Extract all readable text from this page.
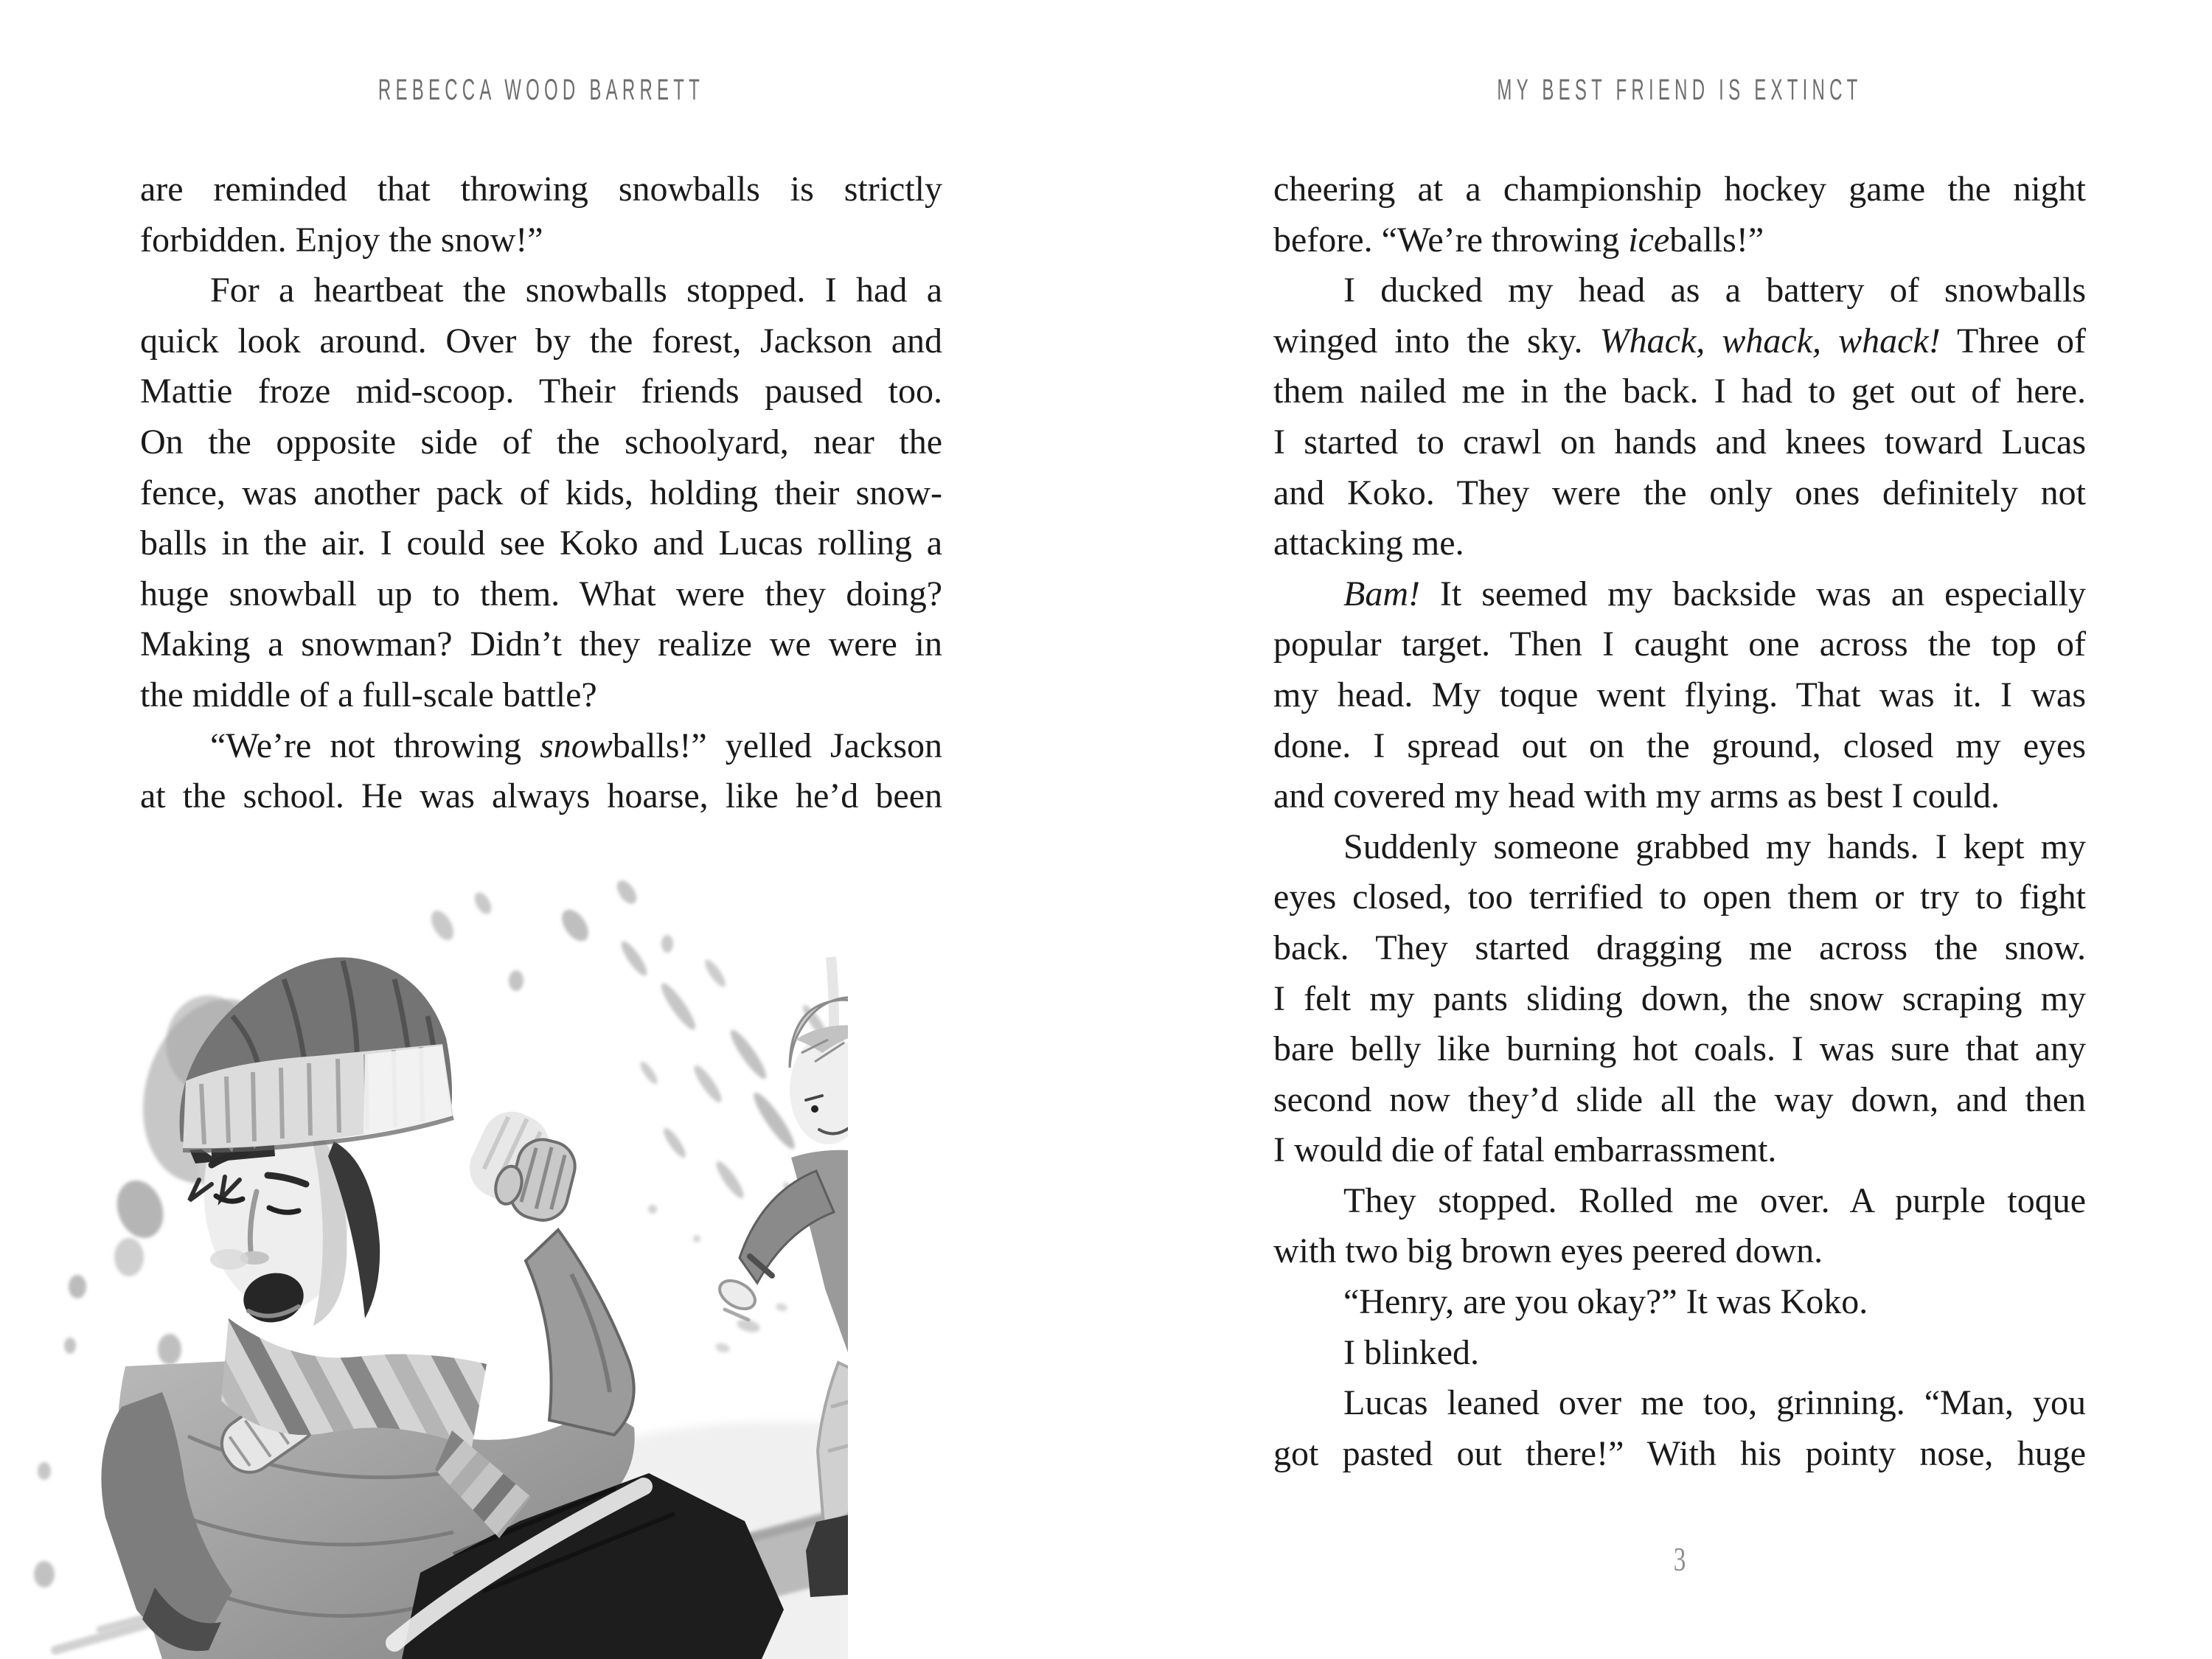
REBECCA WOOD BARRETT	MY BEST FRIEND IS EXTINCT
are reminded that throwing snowballs is strictly
forbidden. Enjoy the snow!”
For a heartbeat the snowballs stopped. I had a
quick look around. Over by the forest, Jackson and
Mattie froze mid-scoop. Their friends paused too.
On the opposite side of the schoolyard, near the
fence, was another pack of kids, holding their snow-
balls in the air. I could see Koko and Lucas rolling a
huge snowball up to them. What were they doing?
Making a snowman? Didn’t they realize we were in
the middle of a full-scale battle?
“We’re not throwing snowballs!” yelled Jackson
at the school. He was always hoarse, like he’d been
cheering at a championship hockey game the night
before. “We’re throwing iceballs!”
I ducked my head as a battery of snowballs
winged into the sky. Whack, whack, whack! Three of
them nailed me in the back. I had to get out of here.
I started to crawl on hands and knees toward Lucas
and Koko. They were the only ones definitely not
attacking me.
Bam! It seemed my backside was an especially
popular target. Then I caught one across the top of
my head. My toque went flying. That was it. I was
done. I spread out on the ground, closed my eyes
and covered my head with my arms as best I could.
Suddenly someone grabbed my hands. I kept my
eyes closed, too terrified to open them or try to fight
back. They started dragging me across the snow.
I felt my pants sliding down, the snow scraping my
bare belly like burning hot coals. I was sure that any
second now they’d slide all the way down, and then
I would die of fatal embarrassment.
They stopped. Rolled me over. A purple toque
with two big brown eyes peered down.
“Henry, are you okay?” It was Koko.
I blinked.
Lucas leaned over me too, grinning. “Man, you
got pasted out there!” With his pointy nose, huge
3
